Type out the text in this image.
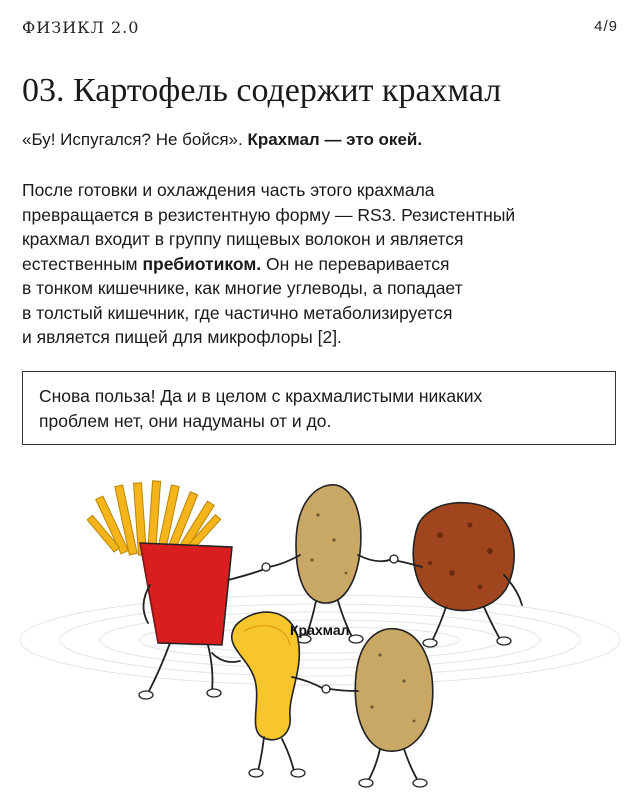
ФИЗИКЛ 2.0	4/9
03. Картофель содержит крахмал

«Бу! Испугался? Не бойся». Крахмал — это окей.

После готовки и охлаждения часть этого крахмала
превращается в резистентную форму — RS3. Резистентный
крахмал входит в группу пищевых волокон и является
естественным пребиотиком. Он не переваривается
в тонком кишечнике, как многие углеводы, а попадает
в толстый кишечник, где частично метаболизируется
и является пищей для микрофлоры [2].

Снова польза! Да и в целом с крахмалистыми никаких
проблем нет, они надуманы от и до.
Крахмал
